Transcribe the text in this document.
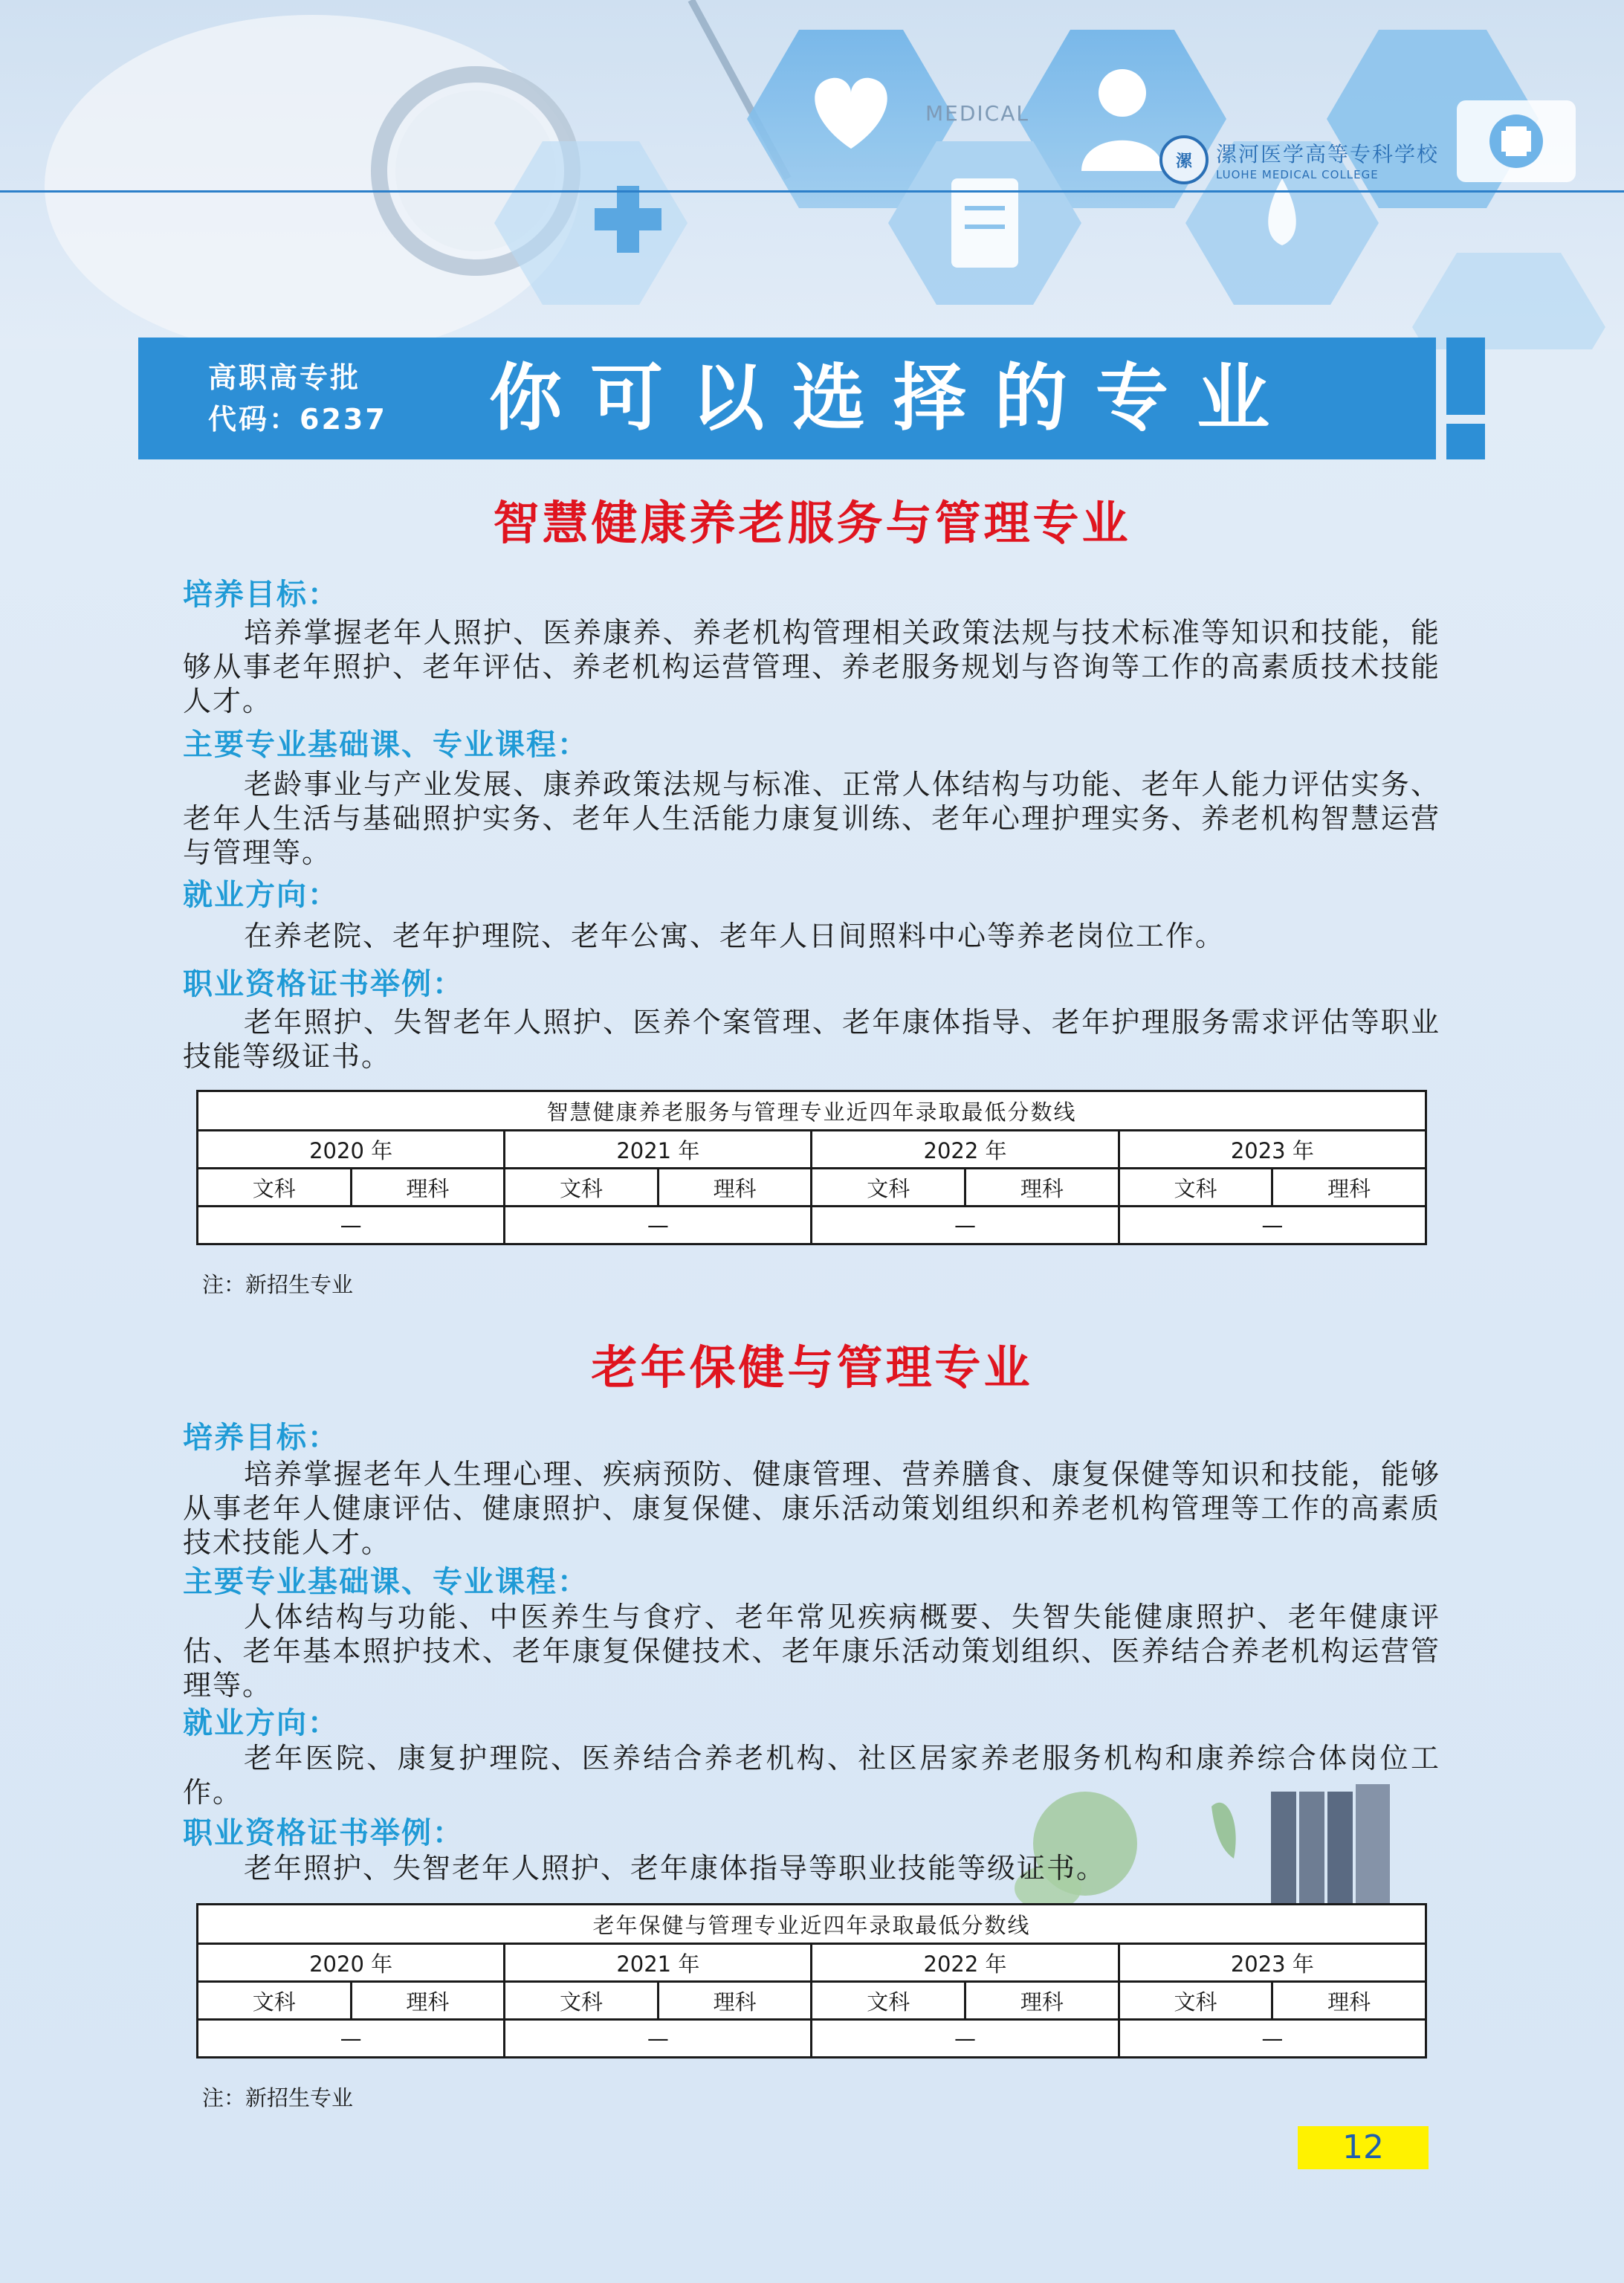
MEDICAL
漯	漯河医学高等专科学校
LUOHE MEDICAL COLLEGE
高职高专批
代码：6237 你可以选择的专业
智慧健康养老服务与管理专业
培养目标：
培养掌握老年人照护、医养康养、养老机构管理相关政策法规与技术标准等知识和技能，能够从事老年照护、老年评估、养老机构运营管理、养老服务规划与咨询等工作的高素质技术技能人才。
主要专业基础课、专业课程：
老龄事业与产业发展、康养政策法规与标准、正常人体结构与功能、老年人能力评估实务、老年人生活与基础照护实务、老年人生活能力康复训练、老年心理护理实务、养老机构智慧运营与管理等。
就业方向：
在养老院、老年护理院、老年公寓、老年人日间照料中心等养老岗位工作。
职业资格证书举例：
老年照护、失智老年人照护、医养个案管理、老年康体指导、老年护理服务需求评估等职业技能等级证书。
智慧健康养老服务与管理专业近四年录取最低分数线							
2020 年		2021 年		2022 年		2023 年	
文科	理科	文科	理科	文科	理科	文科	理科
—		—		—		—	
注：新招生专业
老年保健与管理专业
培养目标：
培养掌握老年人生理心理、疾病预防、健康管理、营养膳食、康复保健等知识和技能，能够从事老年人健康评估、健康照护、康复保健、康乐活动策划组织和养老机构管理等工作的高素质技术技能人才。
主要专业基础课、专业课程：
人体结构与功能、中医养生与食疗、老年常见疾病概要、失智失能健康照护、老年健康评估、老年基本照护技术、老年康复保健技术、老年康乐活动策划组织、医养结合养老机构运营管理等。
就业方向：
老年医院、康复护理院、医养结合养老机构、社区居家养老服务机构和康养综合体岗位工作。
职业资格证书举例：
老年照护、失智老年人照护、老年康体指导等职业技能等级证书。
老年保健与管理专业近四年录取最低分数线							
2020 年		2021 年		2022 年		2023 年	
文科	理科	文科	理科	文科	理科	文科	理科
—		—		—		—	
注：新招生专业
12
